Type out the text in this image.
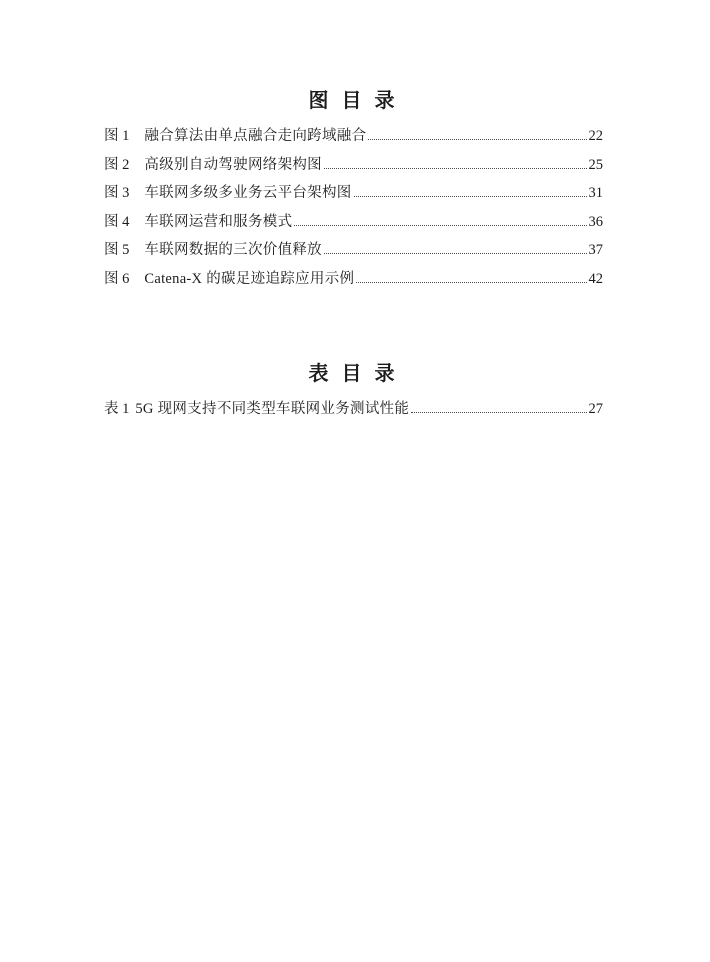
图 目 录
图 1 融合算法由单点融合走向跨域融合	22
图 2 高级别自动驾驶网络架构图	25
图 3 车联网多级多业务云平台架构图	31
图 4 车联网运营和服务模式	36
图 5 车联网数据的三次价值释放	37
图 6 Catena-X 的碳足迹追踪应用示例	42
表 目 录
表 1 5G 现网支持不同类型车联网业务测试性能	27
